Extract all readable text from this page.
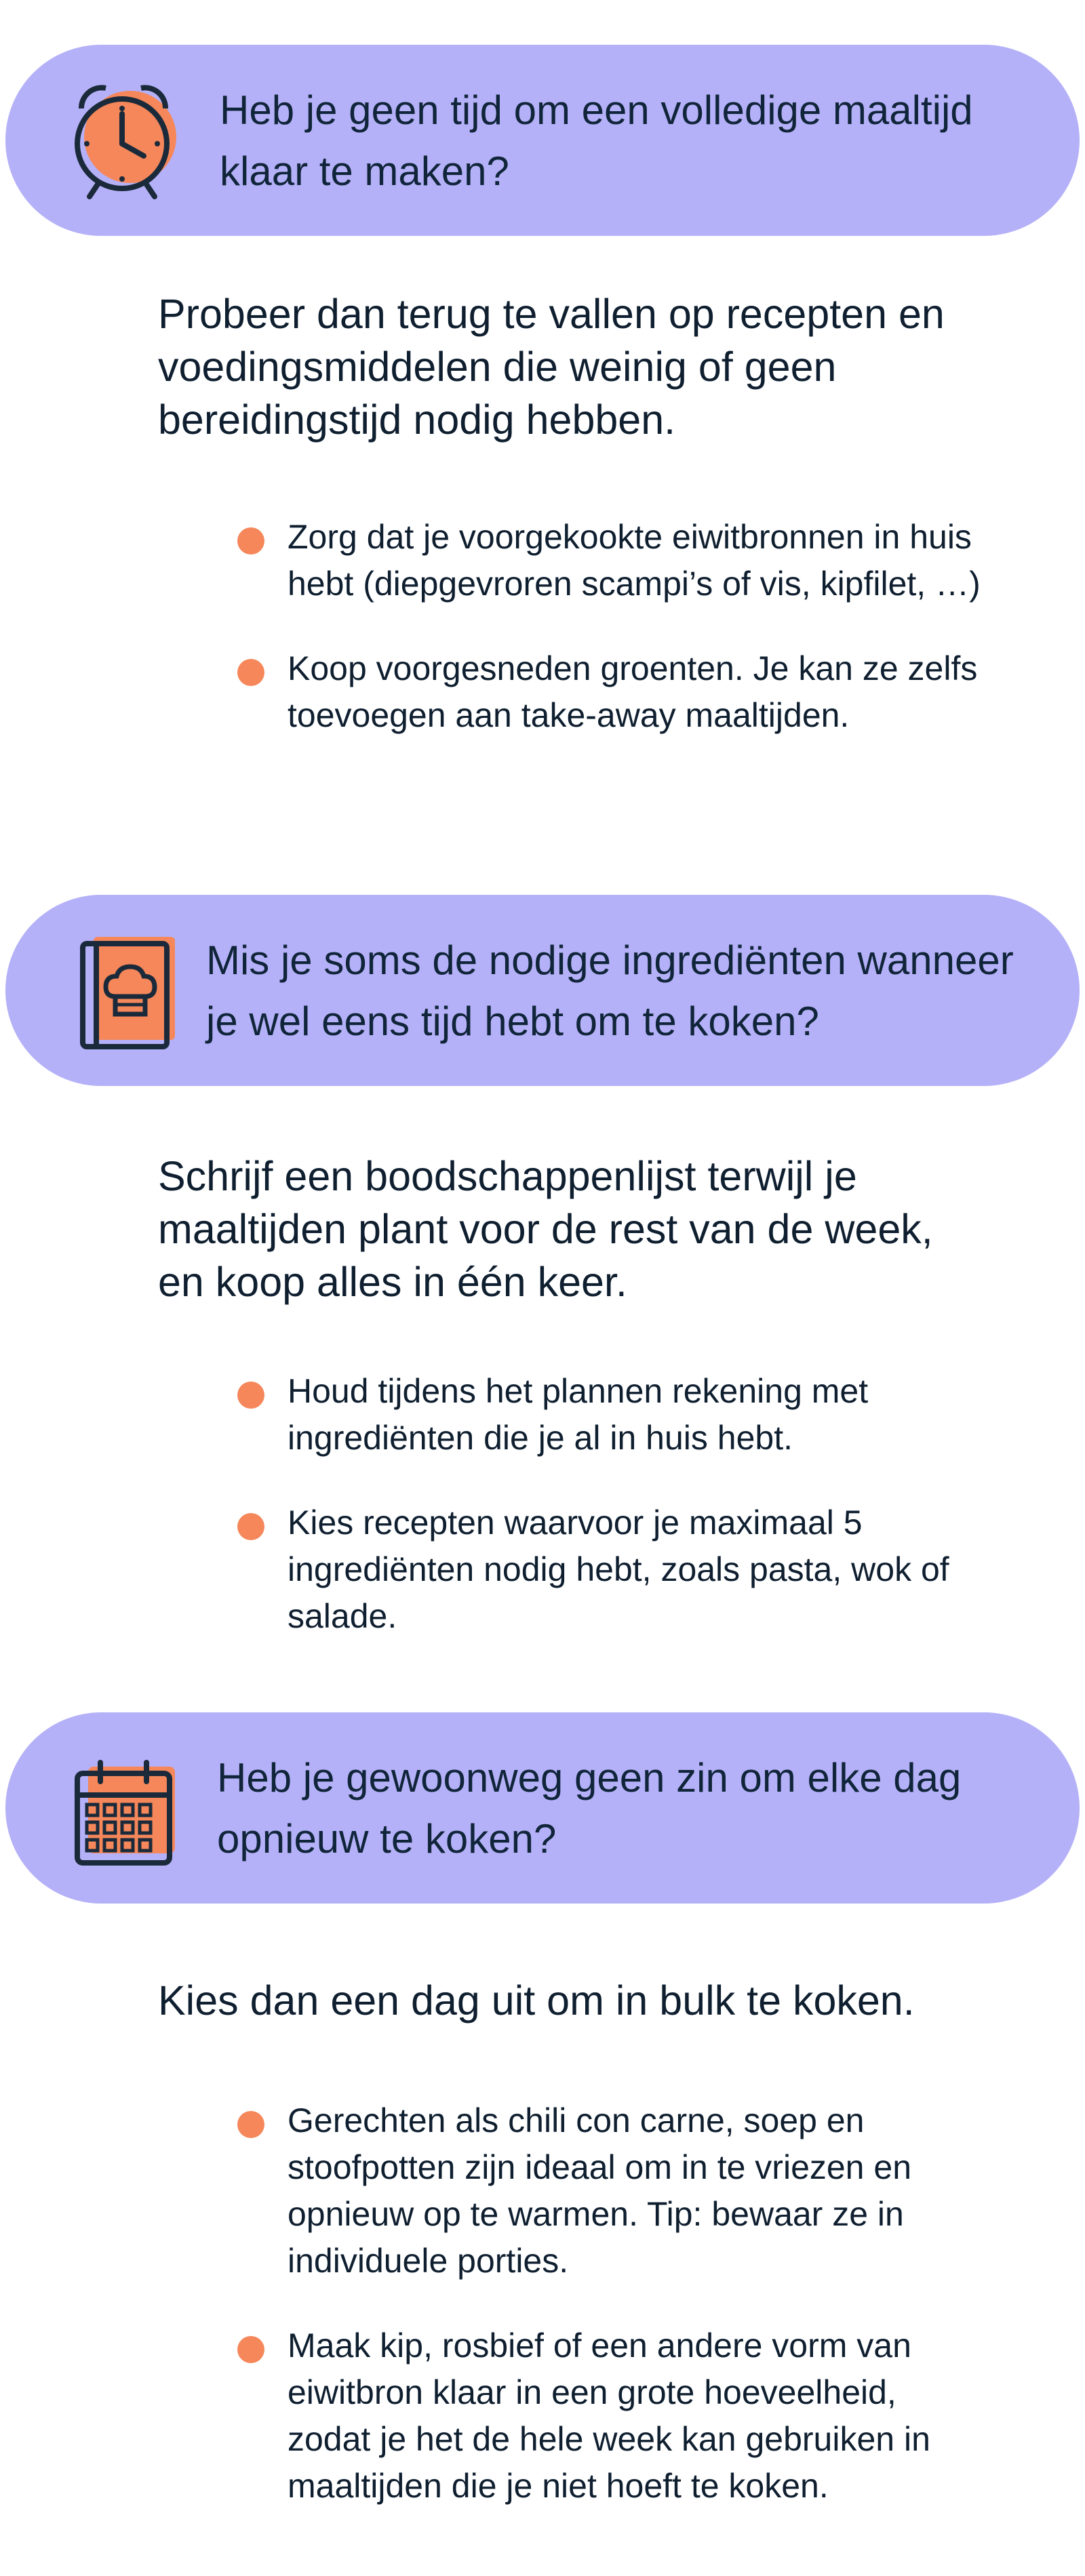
Heb je geen tijd om een volledige maaltijd klaar te maken?

Probeer dan terug te vallen op recepten en voedingsmiddelen die weinig of geen bereidingstijd nodig hebben.

Zorg dat je voorgekookte eiwitbronnen in huis hebt (diepgevroren scampi’s of vis, kipfilet, …)
Koop voorgesneden groenten. Je kan ze zelfs toevoegen aan take-away maaltijden.
Mis je soms de nodige ingrediënten wanneer je wel eens tijd hebt om te koken?

Schrijf een boodschappenlijst terwijl je maaltijden plant voor de rest van de week, en koop alles in één keer.

Houd tijdens het plannen rekening met ingrediënten die je al in huis hebt.
Kies recepten waarvoor je maximaal 5 ingrediënten nodig hebt, zoals pasta, wok of salade.
Heb je gewoonweg geen zin om elke dag opnieuw te koken?

Kies dan een dag uit om in bulk te koken.

Gerechten als chili con carne, soep en stoofpotten zijn ideaal om in te vriezen en opnieuw op te warmen. Tip: bewaar ze in individuele porties.
Maak kip, rosbief of een andere vorm van eiwitbron klaar in een grote hoeveelheid, zodat je het de hele week kan gebruiken in maaltijden die je niet hoeft te koken.
